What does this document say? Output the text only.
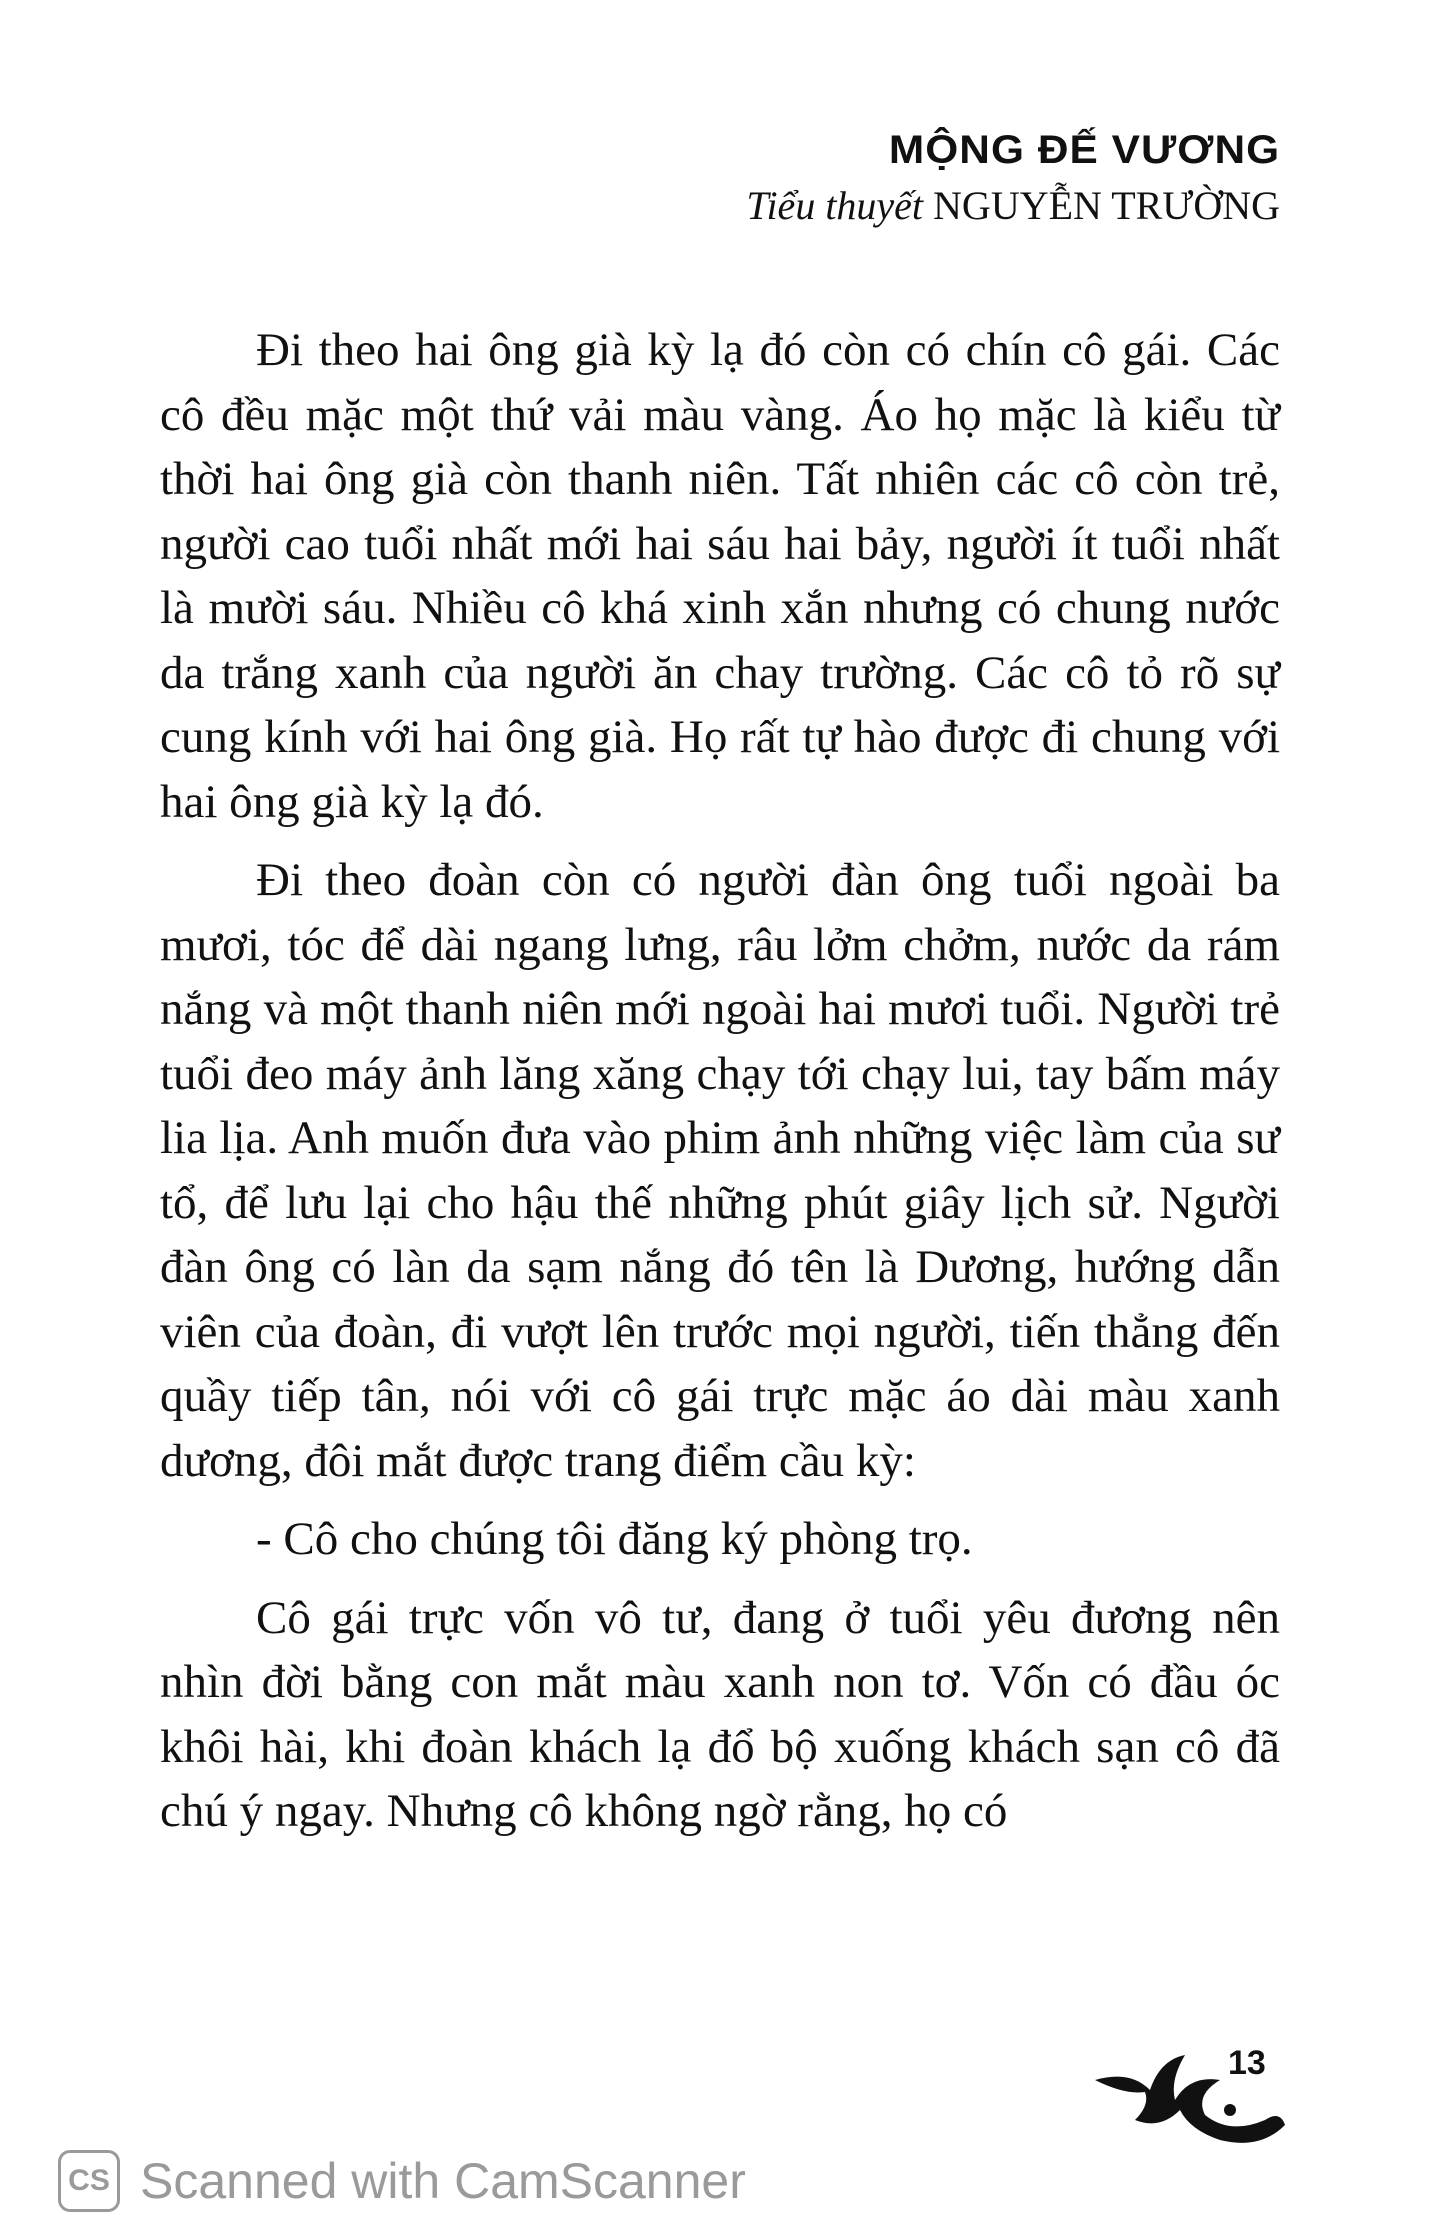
MỘNG ĐẾ VƯƠNG
Tiểu thuyết NGUYỄN TRƯỜNG

Đi theo hai ông già kỳ lạ đó còn có chín cô gái. Các cô đều mặc một thứ vải màu vàng. Áo họ mặc là kiểu từ thời hai ông già còn thanh niên. Tất nhiên các cô còn trẻ, người cao tuổi nhất mới hai sáu hai bảy, người ít tuổi nhất là mười sáu. Nhiều cô khá xinh xắn nhưng có chung nước da trắng xanh của người ăn chay trường. Các cô tỏ rõ sự cung kính với hai ông già. Họ rất tự hào được đi chung với hai ông già kỳ lạ đó.

Đi theo đoàn còn có người đàn ông tuổi ngoài ba mươi, tóc để dài ngang lưng, râu lởm chởm, nước da rám nắng và một thanh niên mới ngoài hai mươi tuổi. Người trẻ tuổi đeo máy ảnh lăng xăng chạy tới chạy lui, tay bấm máy lia lịa. Anh muốn đưa vào phim ảnh những việc làm của sư tổ, để lưu lại cho hậu thế những phút giây lịch sử. Người đàn ông có làn da sạm nắng đó tên là Dương, hướng dẫn viên của đoàn, đi vượt lên trước mọi người, tiến thẳng đến quầy tiếp tân, nói với cô gái trực mặc áo dài màu xanh dương, đôi mắt được trang điểm cầu kỳ:

- Cô cho chúng tôi đăng ký phòng trọ.

Cô gái trực vốn vô tư, đang ở tuổi yêu đương nên nhìn đời bằng con mắt màu xanh non tơ. Vốn có đầu óc khôi hài, khi đoàn khách lạ đổ bộ xuống khách sạn cô đã chú ý ngay. Nhưng cô không ngờ rằng, họ có

13
CS Scanned with CamScanner
